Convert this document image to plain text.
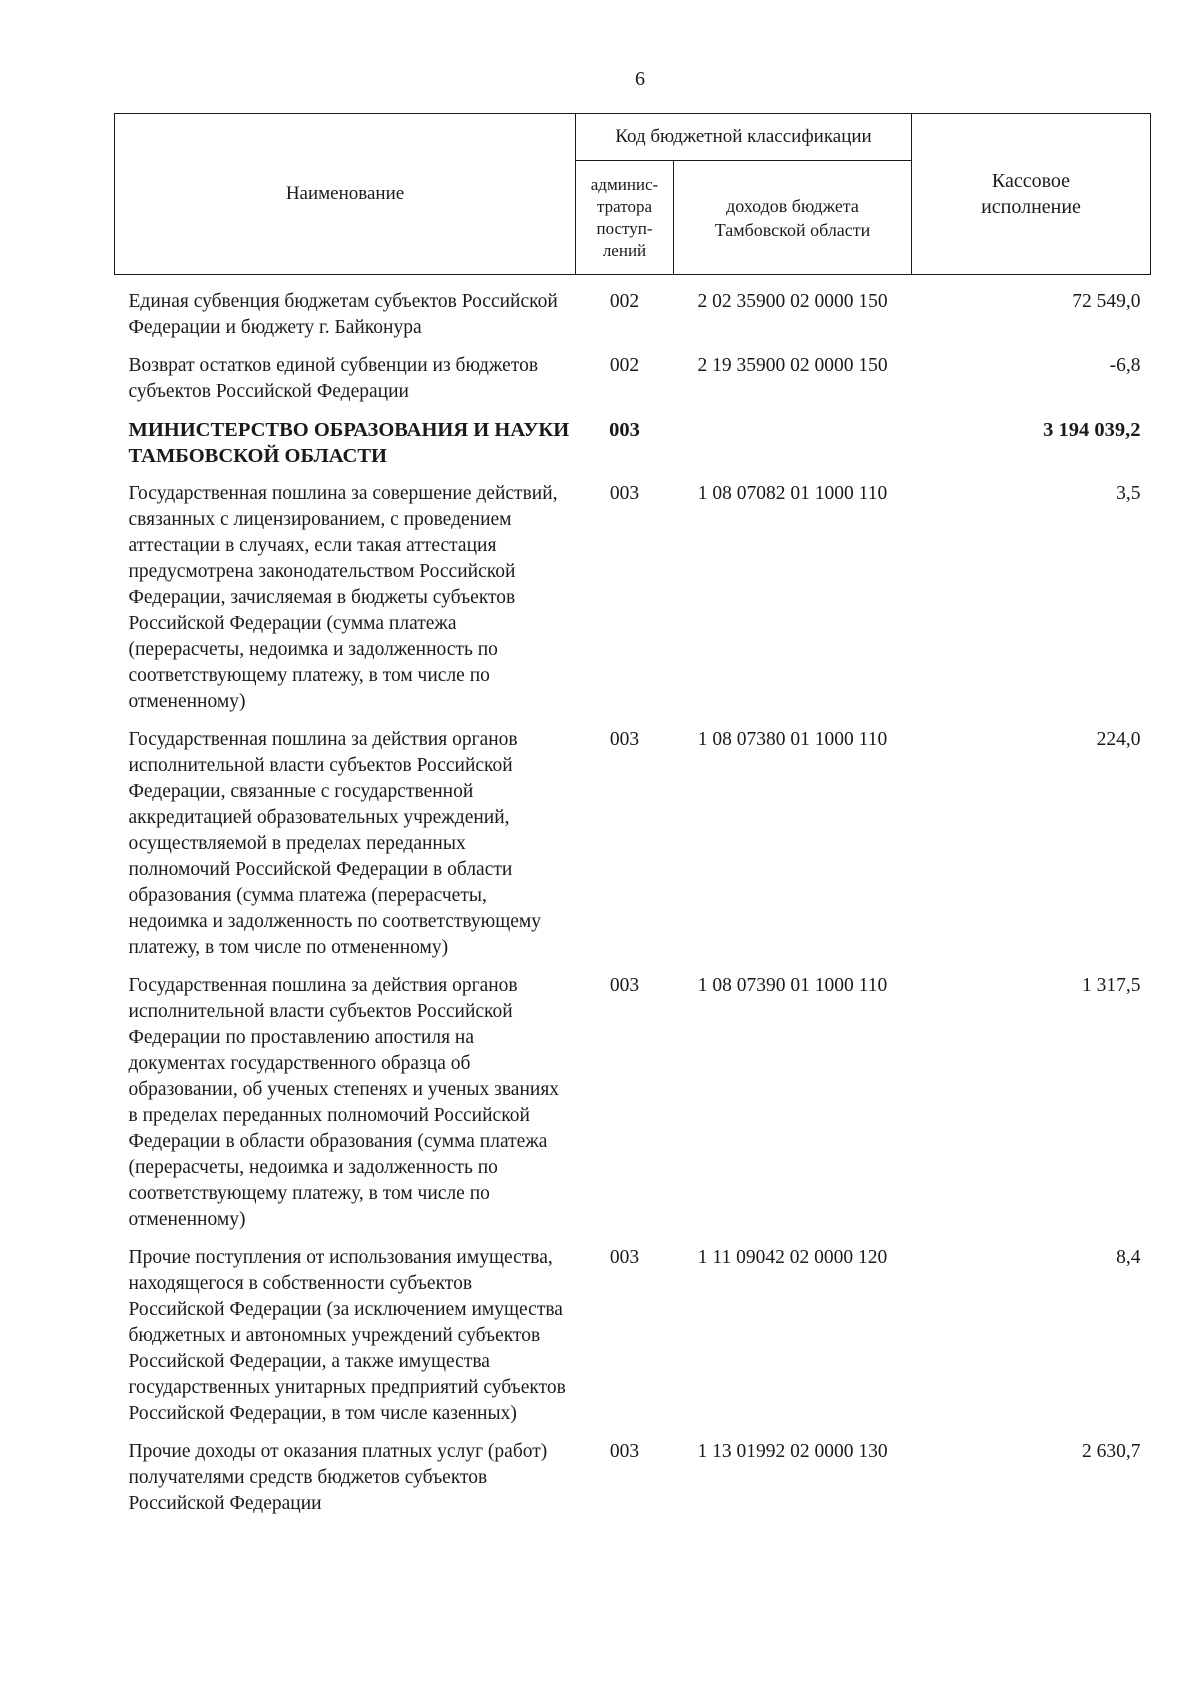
6
Наименование	Код бюджетной классификации		Кассовое
исполнение

	админис-
тратора
поступ-
лений	доходов бюджета
Тамбовской области	

Единая субвенция бюджетам субъектов Российской Федерации и бюджету г. Байконура	002	2 02 35900 02 0000 150	72 549,0
Возврат остатков единой субвенции из бюджетов субъектов Российской Федерации	002	2 19 35900 02 0000 150	-6,8
МИНИСТЕРСТВО ОБРАЗОВАНИЯ И НАУКИ ТАМБОВСКОЙ ОБЛАСТИ	003		3 194 039,2
Государственная пошлина за совершение действий, связанных с лицензированием, с проведением аттестации в случаях, если такая аттестация предусмотрена законодательством Российской Федерации, зачисляемая в бюджеты субъектов Российской Федерации (сумма платежа (перерасчеты, недоимка и задолженность по соответствующему платежу, в том числе по отмененному)	003	1 08 07082 01 1000 110	3,5
Государственная пошлина за действия органов исполнительной власти субъектов Российской Федерации, связанные с государственной аккредитацией образовательных учреждений, осуществляемой в пределах переданных полномочий Российской Федерации в области образования (сумма платежа (перерасчеты, недоимка и задолженность по соответствующему платежу, в том числе по отмененному)	003	1 08 07380 01 1000 110	224,0
Государственная пошлина за действия органов исполнительной власти субъектов Российской Федерации по проставлению апостиля на документах государственного образца об образовании, об ученых степенях и ученых званиях в пределах переданных полномочий Российской Федерации в области образования (сумма платежа (перерасчеты, недоимка и задолженность по соответствующему платежу, в том числе по отмененному)	003	1 08 07390 01 1000 110	1 317,5
Прочие поступления от использования имущества, находящегося в собственности субъектов Российской Федерации (за исключением имущества бюджетных и автономных учреждений субъектов Российской Федерации, а также имущества государственных унитарных предприятий субъектов Российской Федерации, в том числе казенных)	003	1 11 09042 02 0000 120	8,4
Прочие доходы от оказания платных услуг (работ) получателями средств бюджетов субъектов Российской Федерации	003	1 13 01992 02 0000 130	2 630,7
